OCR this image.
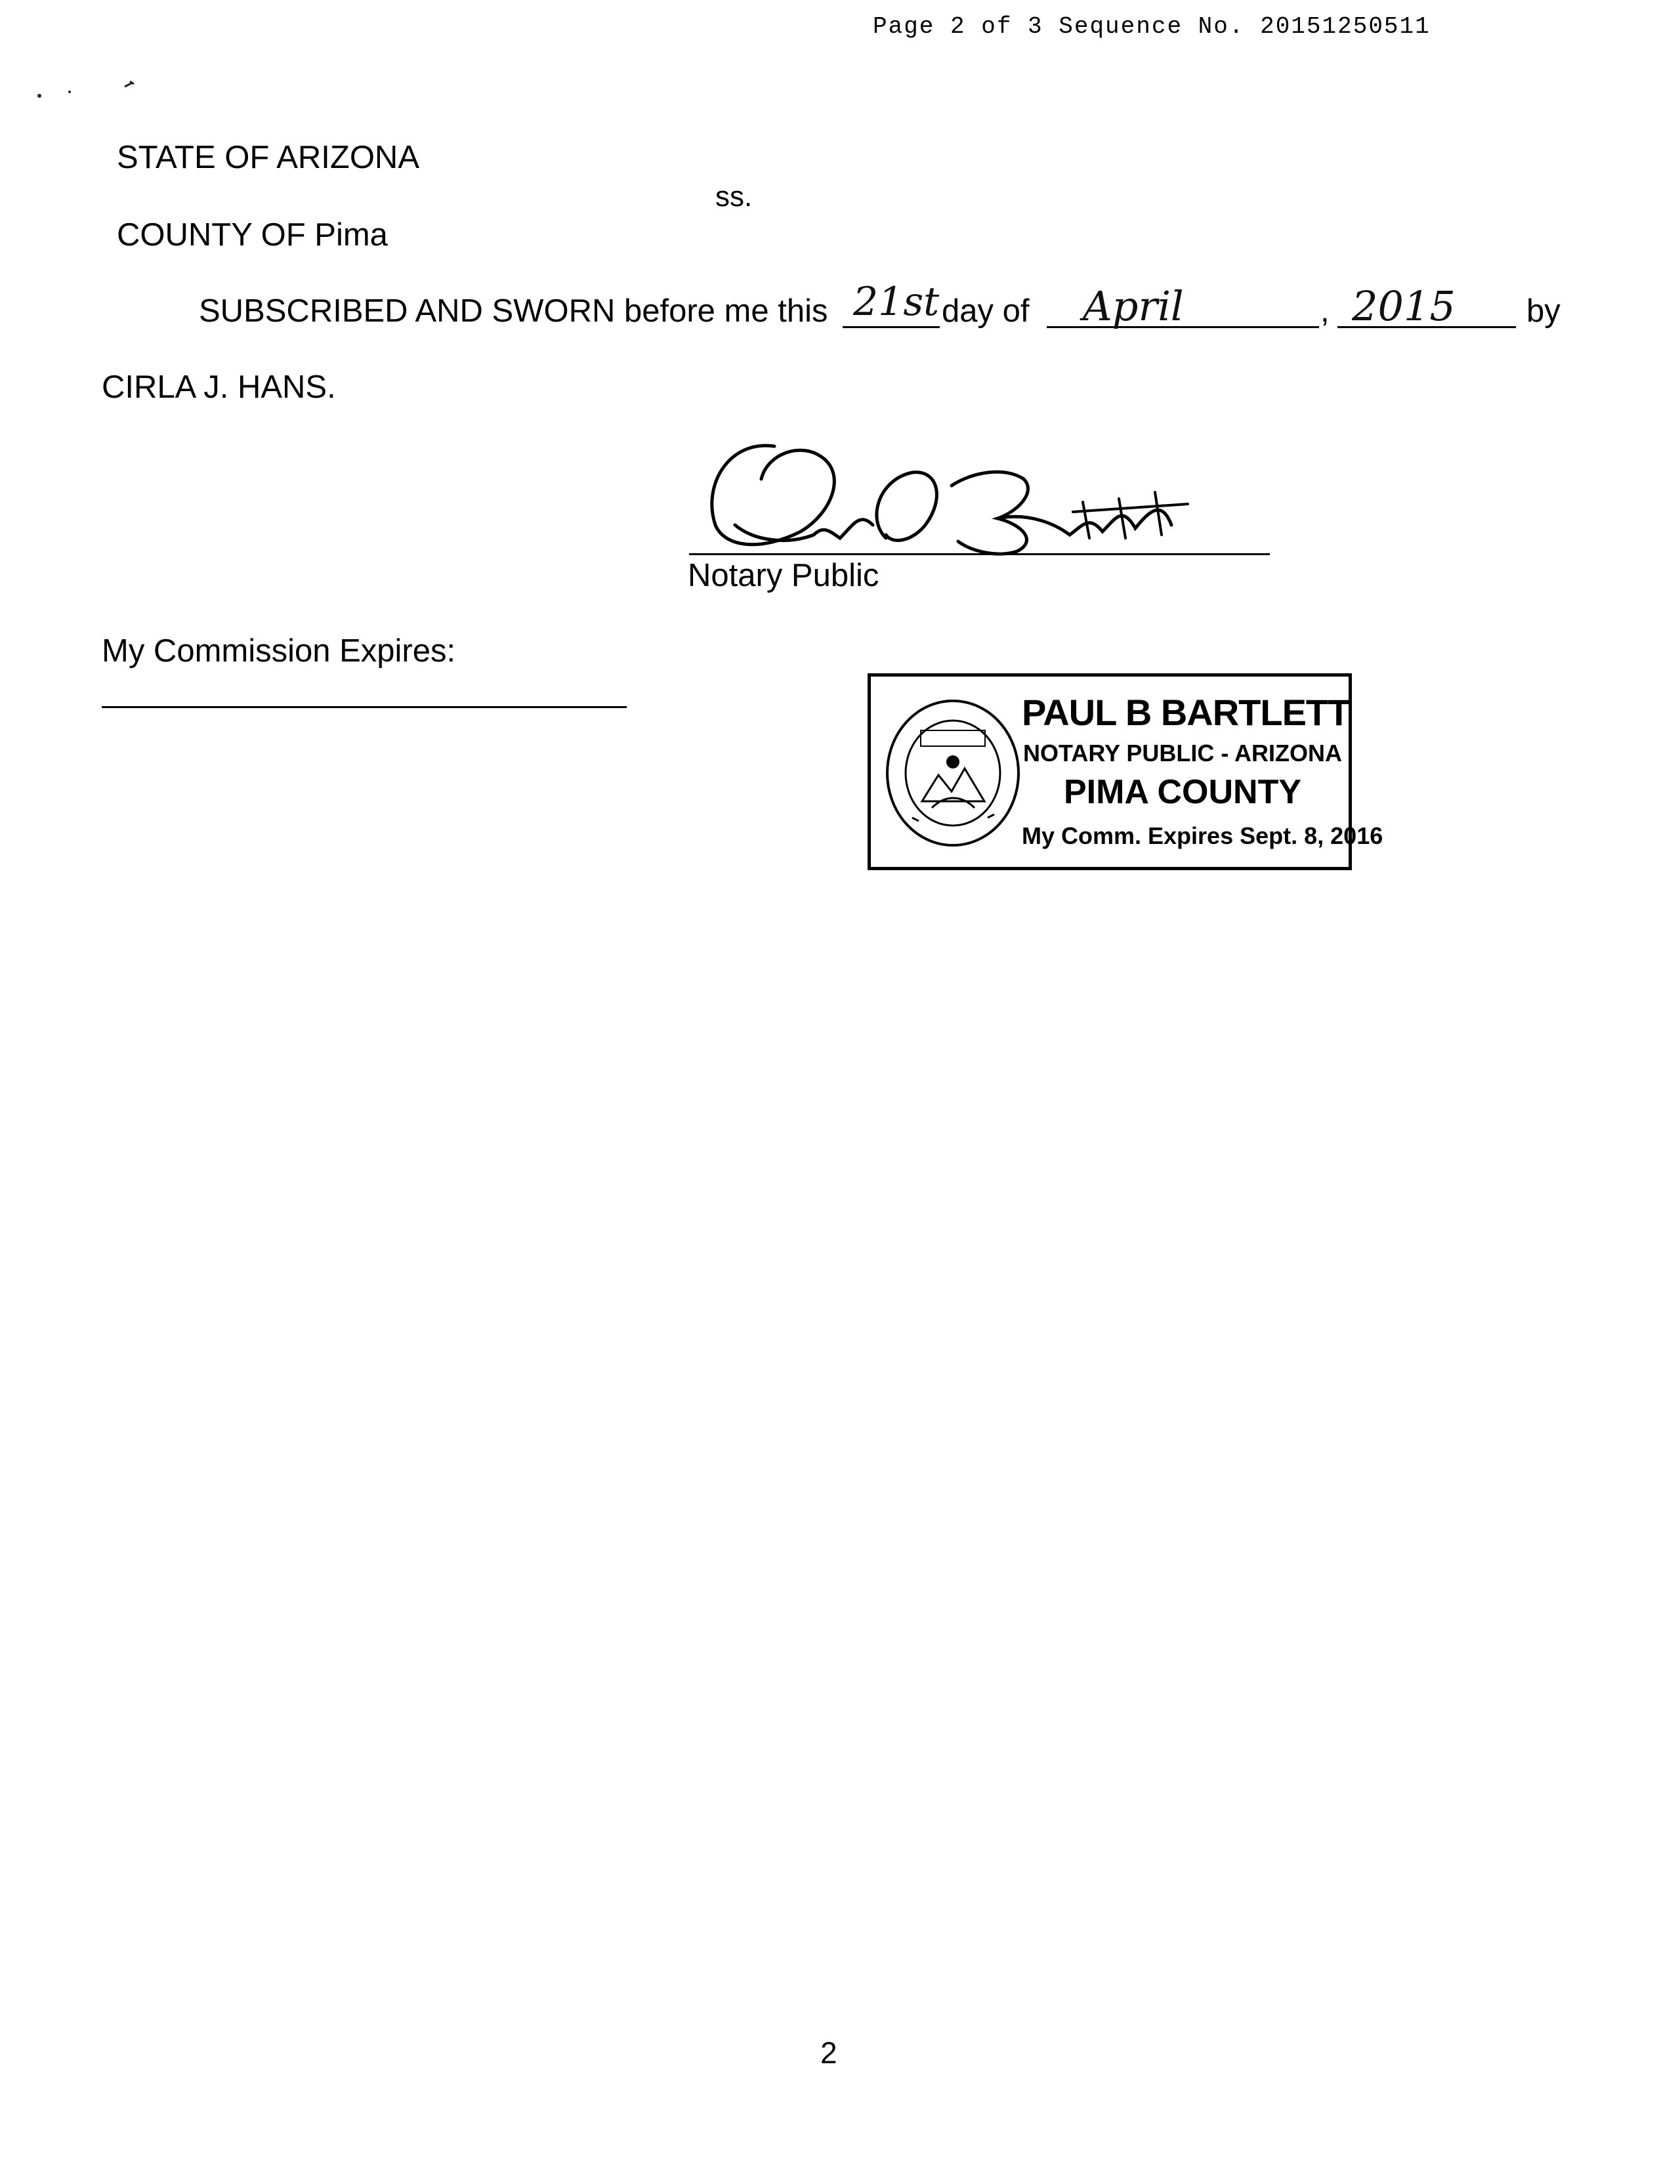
Page 2 of 3 Sequence No. 20151250511
STATE OF ARIZONA
ss.
COUNTY OF Pima
SUBSCRIBED AND SWORN before me this 21st day of April	, 2015 by
CIRLA J. HANS.
Notary Public
My Commission Expires:
PAUL B BARTLETT
NOTARY PUBLIC - ARIZONA
PIMA COUNTY
My Comm. Expires Sept. 8, 2016
2
